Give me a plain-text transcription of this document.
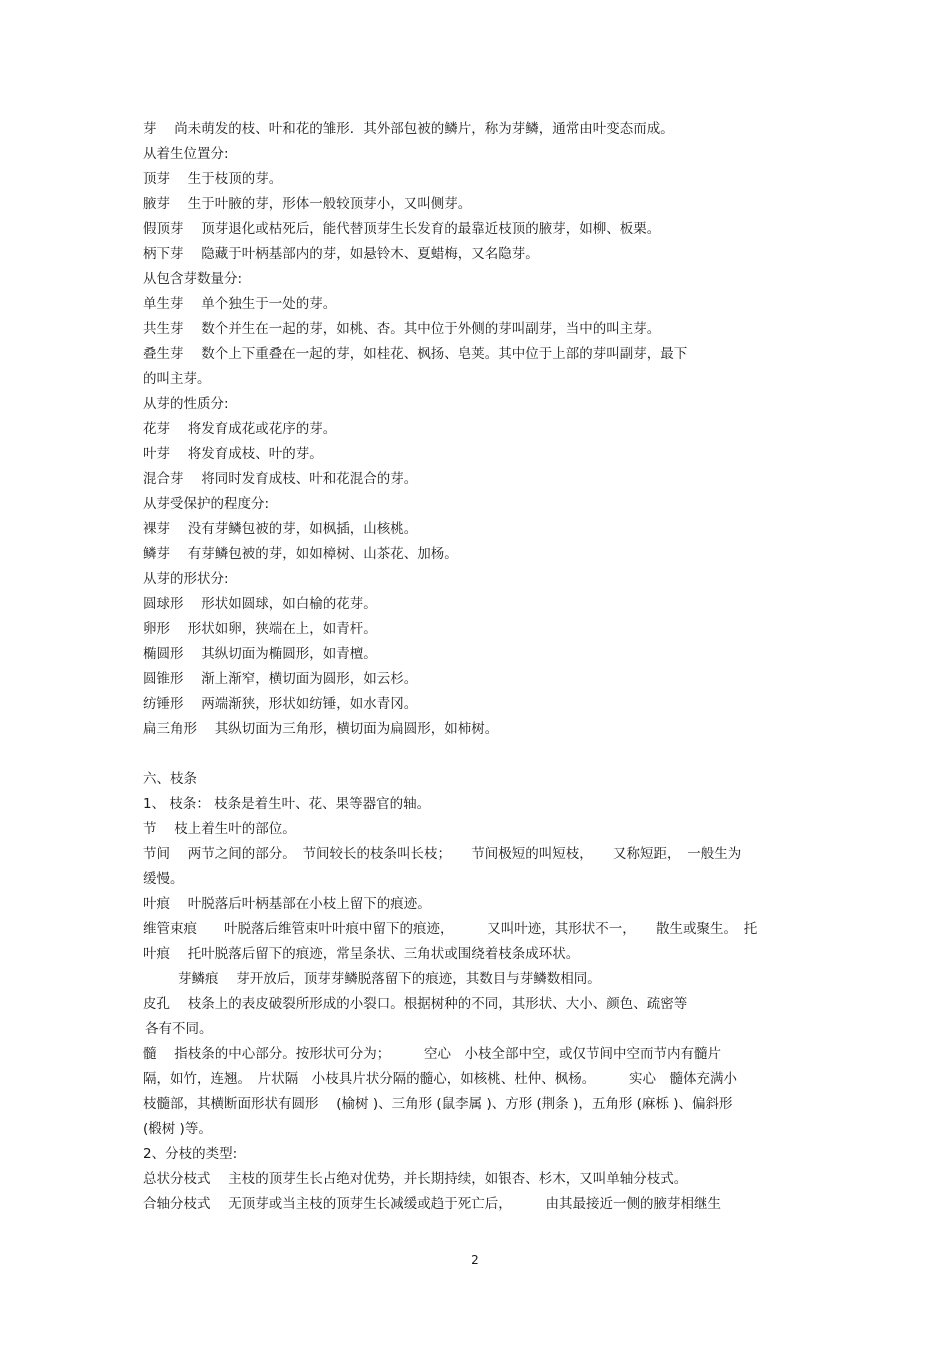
芽　 尚未萌发的枝、叶和花的雏形．其外部包被的鳞片，称为芽鳞，通常由叶变态而成。
从着生位置分:
顶芽　 生于枝顶的芽。
腋芽　 生于叶腋的芽，形体一般较顶芽小，又叫侧芽。
假顶芽　 顶芽退化或枯死后，能代替顶芽生长发育的最靠近枝顶的腋芽，如柳、板栗。
柄下芽　 隐藏于叶柄基部内的芽，如悬铃木、夏蜡梅，又名隐芽。
从包含芽数量分:
单生芽　 单个独生于一处的芽。
共生芽　 数个并生在一起的芽，如桃、杏。其中位于外侧的芽叫副芽，当中的叫主芽。
叠生芽　 数个上下重叠在一起的芽，如桂花、枫扬、皂荚。其中位于上部的芽叫副芽，最下
的叫主芽。
从芽的性质分:
花芽　 将发育成花或花序的芽。
叶芽　 将发育成枝、叶的芽。
混合芽　 将同时发育成枝、叶和花混合的芽。
从芽受保护的程度分:
裸芽　 没有芽鳞包被的芽，如枫插，山核桃。
鳞芽　 有芽鳞包被的芽，如如樟树、山茶花、加杨。
从芽的形状分:
圆球形　 形状如圆球，如白榆的花芽。
卵形　 形状如卵，狭端在上，如青杆。
椭圆形　 其纵切面为椭圆形，如青檀。
圆锥形　 渐上渐窄，横切面为圆形，如云杉。
纺锤形　 两端渐狭，形状如纺锤，如水青冈。
扁三角形　 其纵切面为三角形，横切面为扁圆形，如柿树。
六、枝条
1、 枝条： 枝条是着生叶、花、果等器官的轴。
节　 枝上着生叶的部位。
节间　 两节之间的部分。　节间较长的枝条叫长枝；　　节间极短的叫短枝，　　又称短距，　一般生为
缓慢。
叶痕　 叶脱落后叶柄基部在小枝上留下的痕迹。
维管束痕　　叶脱落后维管束叶叶痕中留下的痕迹，　　　又叫叶迹，其形状不一，　　散生或聚生。　托
叶痕　 托叶脱落后留下的痕迹，常呈条状、三角状或围绕着枝条成环状。
芽鳞痕　 芽开放后，顶芽芽鳞脱落留下的痕迹，其数目与芽鳞数相同。
皮孔　 枝条上的表皮破裂所形成的小裂口。根据树种的不同，其形状、大小、颜色、疏密等
各有不同。
髓　 指枝条的中心部分。按形状可分为；　　　空心　小枝全部中空，或仅节间中空而节内有髓片
隔，如竹，连翘。　片状隔　小枝具片状分隔的髓心，如核桃、杜仲、枫杨。　　　实心　髓体充满小
枝髓部，其横断面形状有圆形　 (榆树 )、三角形 (鼠李属 )、方形 (荆条 )，五角形 (麻栎 )、偏斜形
(椴树 )等。
2、分枝的类型:
总状分枝式　 主枝的顶芽生长占绝对优势，并长期持续，如银杏、杉木，又叫单轴分枝式。
合轴分枝式　 无顶芽或当主枝的顶芽生长减缓或趋于死亡后，　　　由其最接近一侧的腋芽相继生
2
